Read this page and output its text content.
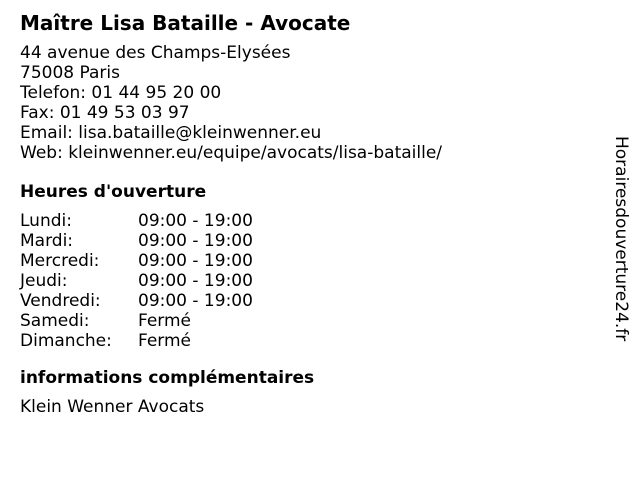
Maître Lisa Bataille - Avocate
44 avenue des Champs-Elysées
75008 Paris
Telefon: 01 44 95 20 00
Fax: 01 49 53 03 97
Email: lisa.bataille@kleinwenner.eu
Web: kleinwenner.eu/equipe/avocats/lisa-bataille/
Heures d'ouverture
Lundi:	09:00 - 19:00
Mardi:	09:00 - 19:00
Mercredi:	09:00 - 19:00
Jeudi:	09:00 - 19:00
Vendredi:	09:00 - 19:00
Samedi:	Fermé
Dimanche:	Fermé
informations complémentaires
Klein Wenner Avocats
Horairesdouverture24.fr
